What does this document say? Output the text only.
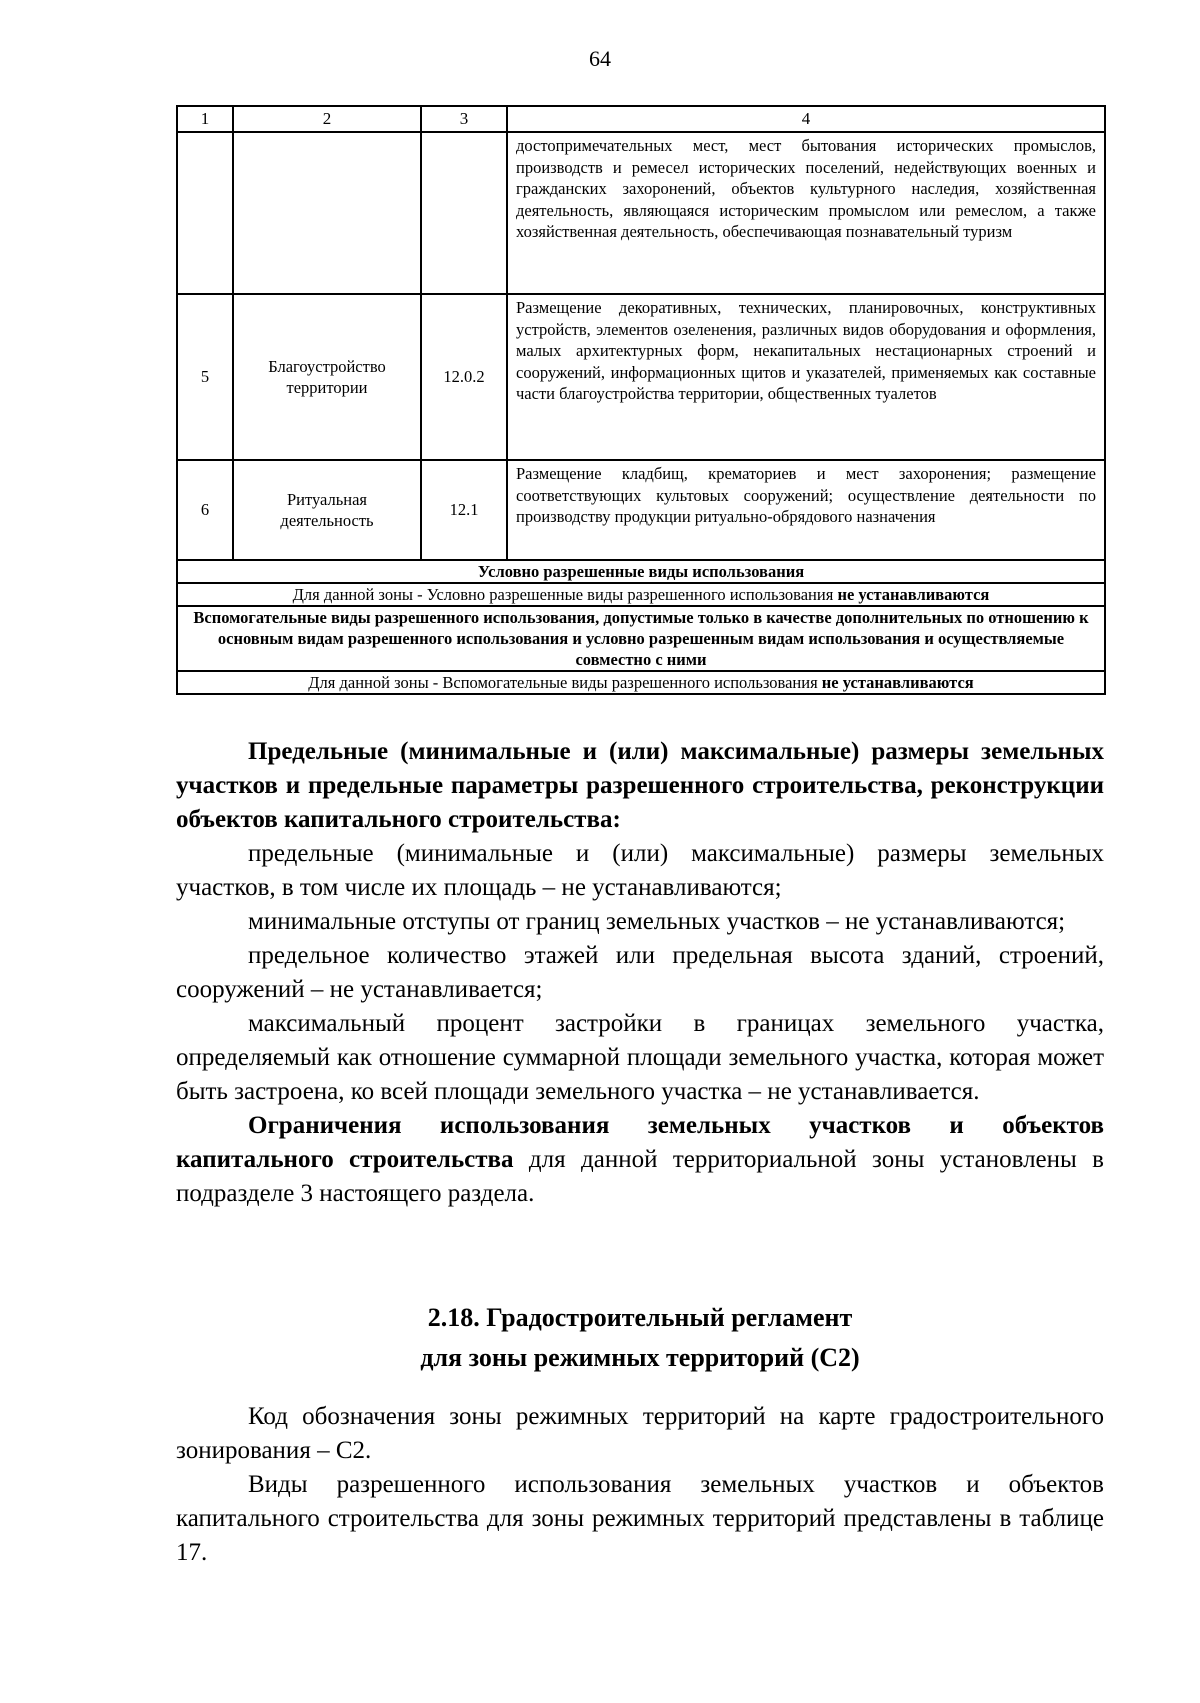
64
1	2	3	4
			достопримечательных мест, мест бытования исторических промыслов, производств и ремесел исторических поселений, недействующих военных и гражданских захоронений, объектов культурного наследия, хозяйственная деятельность, являющаяся историческим промыслом или ремеслом, а также хозяйственная деятельность, обеспечивающая познавательный туризм
5	Благоустройство территории	12.0.2	Размещение декоративных, технических, планировочных, конструктивных устройств, элементов озеленения, различных видов оборудования и оформления, малых архитектурных форм, некапитальных нестационарных строений и сооружений, информационных щитов и указателей, применяемых как составные части благоустройства территории, общественных туалетов
6	Ритуальная деятельность	12.1	Размещение кладбищ, крематориев и мест захоронения; размещение соответствующих культовых сооружений; осуществление деятельности по производству продукции ритуально-обрядового назначения
Условно разрешенные виды использования			
Для данной зоны - Условно разрешенные виды разрешенного использования не устанавливаются			
Вспомогательные виды разрешенного использования, допустимые только в качестве дополнительных по отношению к основным видам разрешенного использования и условно разрешенным видам использования и осуществляемые совместно с ними			
Для данной зоны - Вспомогательные виды разрешенного использования не устанавливаются			

Предельные (минимальные и (или) максимальные) размеры земельных участков и предельные параметры разрешенного строительства, реконструкции объектов капитального строительства:

предельные (минимальные и (или) максимальные) размеры земельных участков, в том числе их площадь – не устанавливаются;

минимальные отступы от границ земельных участков – не устанавливаются;

предельное количество этажей или предельная высота зданий, строений, сооружений – не устанавливается;

максимальный процент застройки в границах земельного участка, определяемый как отношение суммарной площади земельного участка, которая может быть застроена, ко всей площади земельного участка – не устанавливается.

Ограничения использования земельных участков и объектов капитального строительства для данной территориальной зоны установлены в подразделе 3 настоящего раздела.

2.18. Градостроительный регламент
для зоны режимных территорий (С2)

Код обозначения зоны режимных территорий на карте градостроительного зонирования – С2.

Виды разрешенного использования земельных участков и объектов капитального строительства для зоны режимных территорий представлены в таблице 17.
